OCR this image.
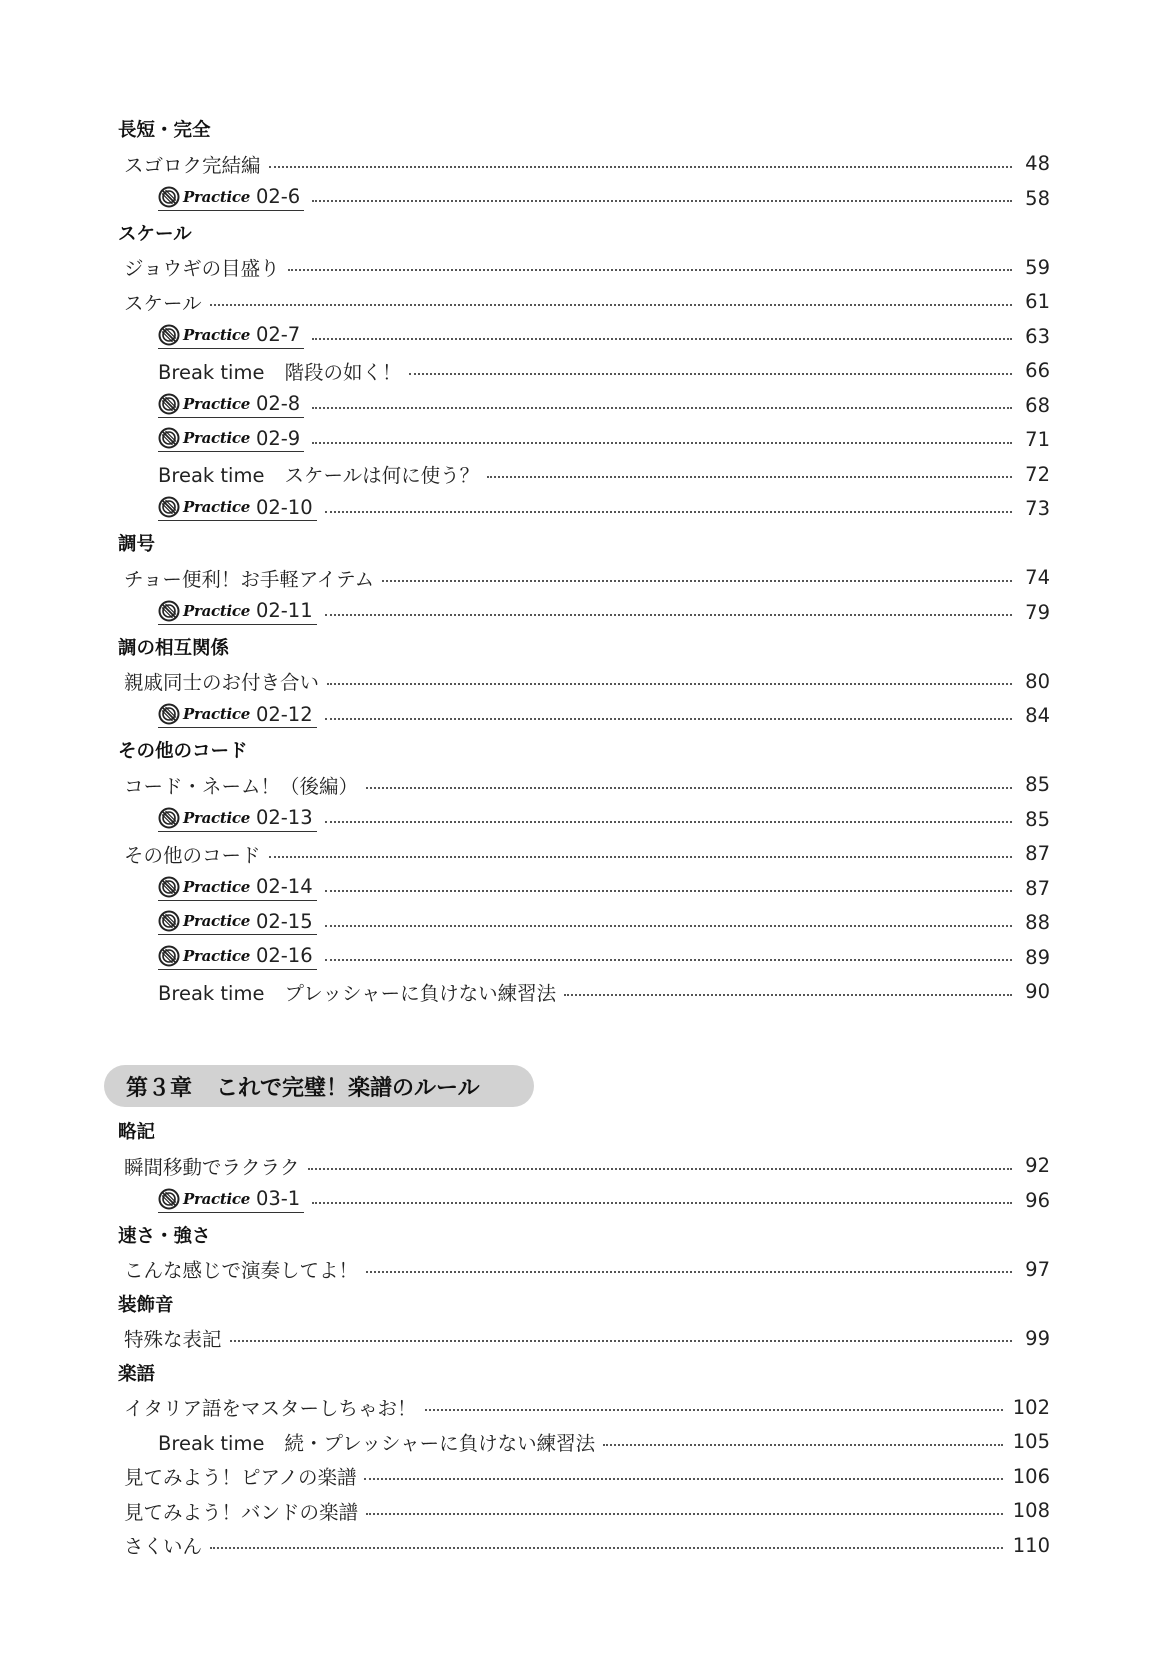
長短・完全
スゴロク完結編	48
Practice 02-6	58
スケール
ジョウギの目盛り	59
スケール	61
Practice 02-7	63
Break time 階段の如く！	66
Practice 02-8	68
Practice 02-9	71
Break time スケールは何に使う？	72
Practice 02-10	73
調号
チョー便利！お手軽アイテム	74
Practice 02-11	79
調の相互関係
親戚同士のお付き合い	80
Practice 02-12	84
その他のコード
コード・ネーム！（後編）	85
Practice 02-13	85
その他のコード	87
Practice 02-14	87
Practice 02-15	88
Practice 02-16	89
Break time プレッシャーに負けない練習法	90
第３章 これで完璧！楽譜のルール
略記
瞬間移動でラクラク	92
Practice 03-1	96
速さ・強さ
こんな感じで演奏してよ！	97
装飾音
特殊な表記	99
楽語
イタリア語をマスターしちゃお！	102
Break time 続・プレッシャーに負けない練習法	105
見てみよう！ピアノの楽譜	106
見てみよう！バンドの楽譜	108
さくいん	110
